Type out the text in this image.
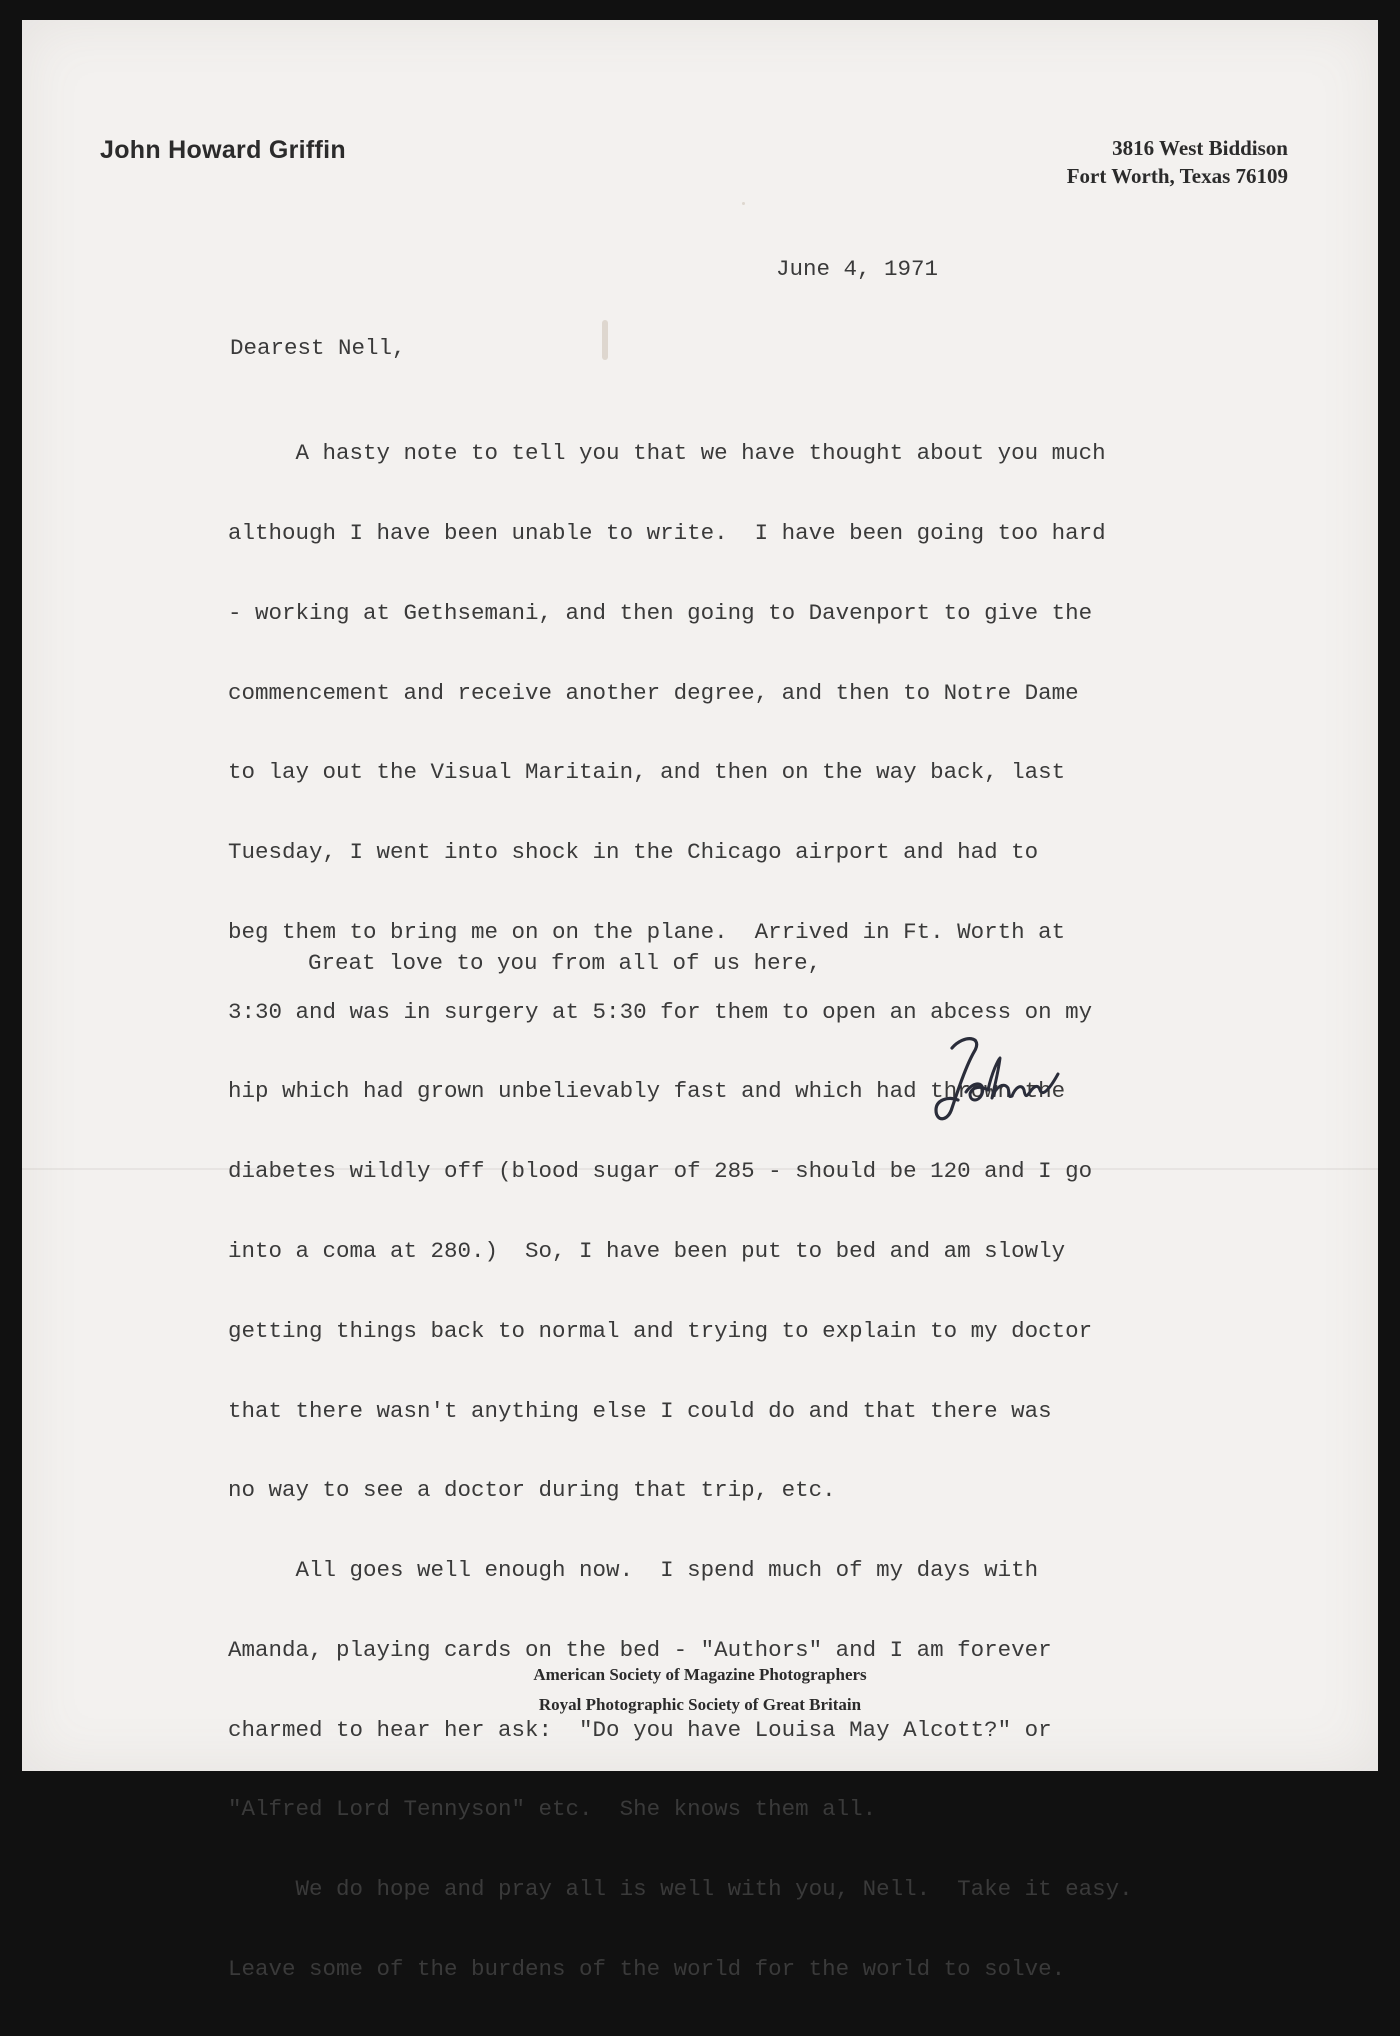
John Howard Griffin	3816 West Biddison
Fort Worth, Texas 76109
June 4, 1971
Dearest Nell,

A hasty note to tell you that we have thought about you much

although I have been unable to write.  I have been going too hard

- working at Gethsemani, and then going to Davenport to give the

commencement and receive another degree, and then to Notre Dame

to lay out the Visual Maritain, and then on the way back, last

Tuesday, I went into shock in the Chicago airport and had to

beg them to bring me on on the plane.  Arrived in Ft. Worth at

3:30 and was in surgery at 5:30 for them to open an abcess on my

hip which had grown unbelievably fast and which had thrown the

diabetes wildly off (blood sugar of 285 - should be 120 and I go

into a coma at 280.)  So, I have been put to bed and am slowly

getting things back to normal and trying to explain to my doctor

that there wasn't anything else I could do and that there was

no way to see a doctor during that trip, etc.

All goes well enough now.  I spend much of my days with

Amanda, playing cards on the bed - "Authors" and I am forever

charmed to hear her ask:  "Do you have Louisa May Alcott?" or

"Alfred Lord Tennyson" etc.  She knows them all.

We do hope and pray all is well with you, Nell.  Take it easy.

Leave some of the burdens of the world for the world to solve.

Great love to you from all of us here,
American Society of Magazine Photographers
Royal Photographic Society of Great Britain
